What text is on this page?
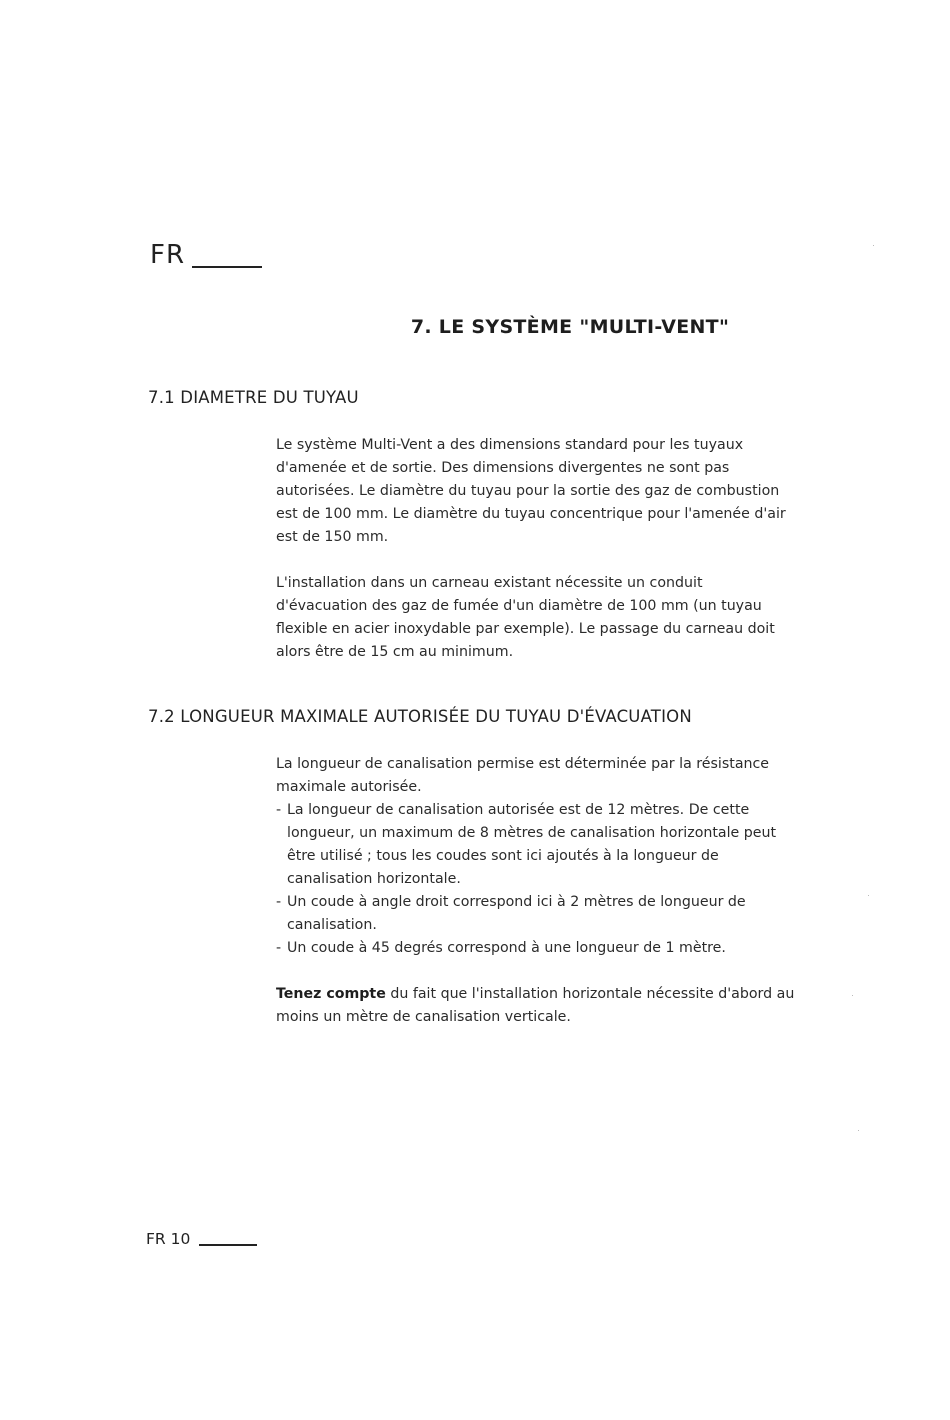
FR
7. LE SYSTÈME "MULTI-VENT"
7.1 DIAMETRE DU TUYAU

Le système Multi-Vent a des dimensions standard pour les tuyaux d'amenée et de sortie. Des dimensions divergentes ne sont pas autorisées. Le diamètre du tuyau pour la sortie des gaz de combustion est de 100 mm. Le diamètre du tuyau concentrique pour l'amenée d'air est de 150 mm.

L'installation dans un carneau existant nécessite un conduit d'évacuation des gaz de fumée d'un diamètre de 100 mm (un tuyau flexible en acier inoxydable par exemple). Le passage du carneau doit alors être de 15 cm au minimum.

7.2 LONGUEUR MAXIMALE AUTORISÉE DU TUYAU D'ÉVACUATION

La longueur de canalisation permise est déterminée par la résistance maximale autorisée.

- La longueur de canalisation autorisée est de 12 mètres. De cette longueur, un maximum de 8 mètres de canalisation horizontale peut être utilisé ; tous les coudes sont ici ajoutés à la longueur de canalisation horizontale.
- Un coude à angle droit correspond ici à 2 mètres de longueur de canalisation.
- Un coude à 45 degrés correspond à une longueur de 1 mètre.

Tenez compte du fait que l'installation horizontale nécessite d'abord au moins un mètre de canalisation verticale.

FR 10
